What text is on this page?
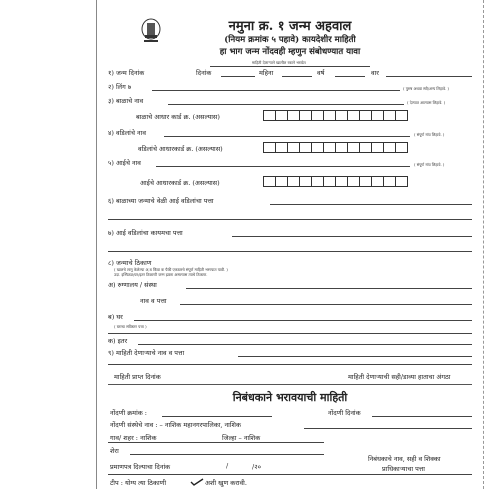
नमुना क्र. १ जन्म अहवाल
(नियम क्रमांक ५ पहावे) कायदेशीर माहिती
हा भाग जन्म नोंदवही म्हणुन संबोधण्यात यावा
माहिती देणाऱ्याने खालील रकाने भरावेत
१) जन्म दिनांक	दिनांक	महिना	वर्ष	वार
२) लिंग ७	( पुरुष अथवा स्त्री/अन्य लिहावे. )
३) बाळाचे नाव	( देण्यात आल्यास लिहावे. )
बाळाचे आधार कार्ड क्र. (असल्यास)
४) वडिलांचे नाव	( संपूर्ण नांव लिहावे. )
वडिलांचे आधारकार्ड क्र. (असल्यास)
५) आईचे नाव	( संपूर्ण नांव लिहावे. )
आईचे आधारकार्ड क्र. (असल्यास)
६) बाळाच्या जन्माचे वेळी आई वडिलांचा पत्ता
७) आई वडिलांचा कायमचा पत्ता
८) जन्माचे ठिकाण
( खालचे लागू केलेल्या अ,ब किंवा क पैकी एकावरचे संपूर्ण माहिती भरण्यात यावी. )
उदा. इस्पितळ/घर/इतर ठिकाणी जन्म झाला असल्यास त्याचे ठिकाण.
अ) रुग्णालय / संस्था
नाव व पत्ता
ब) घर
( घराचा सविस्तर पत्ता )
क) इतर
९) माहिती देणाऱ्याचे नाव व पत्ता
माहिती प्राप्त दिनांक	माहिती देणाऱ्याची सही/डाव्या हाताचा अंगठा
निबंधकाने भरावयाची माहिती
नोंदणी क्रमांक :	नोंदणी दिनांक
नोंदणी संस्थेचे नाव : – नाशिक महानगरपालिका, नाशिक
गाव/ शहर : नाशिक	जिल्हा – नाशिक
शेरा
प्रमाणपत्र दिल्याचा दिनांक	/	/२०
निबंधकाचे नाव, सही व शिक्का
प्राधिकाऱ्याचा पत्ता
टीप : योग्य त्या ठिकाणी	अशी खुण करावी.
